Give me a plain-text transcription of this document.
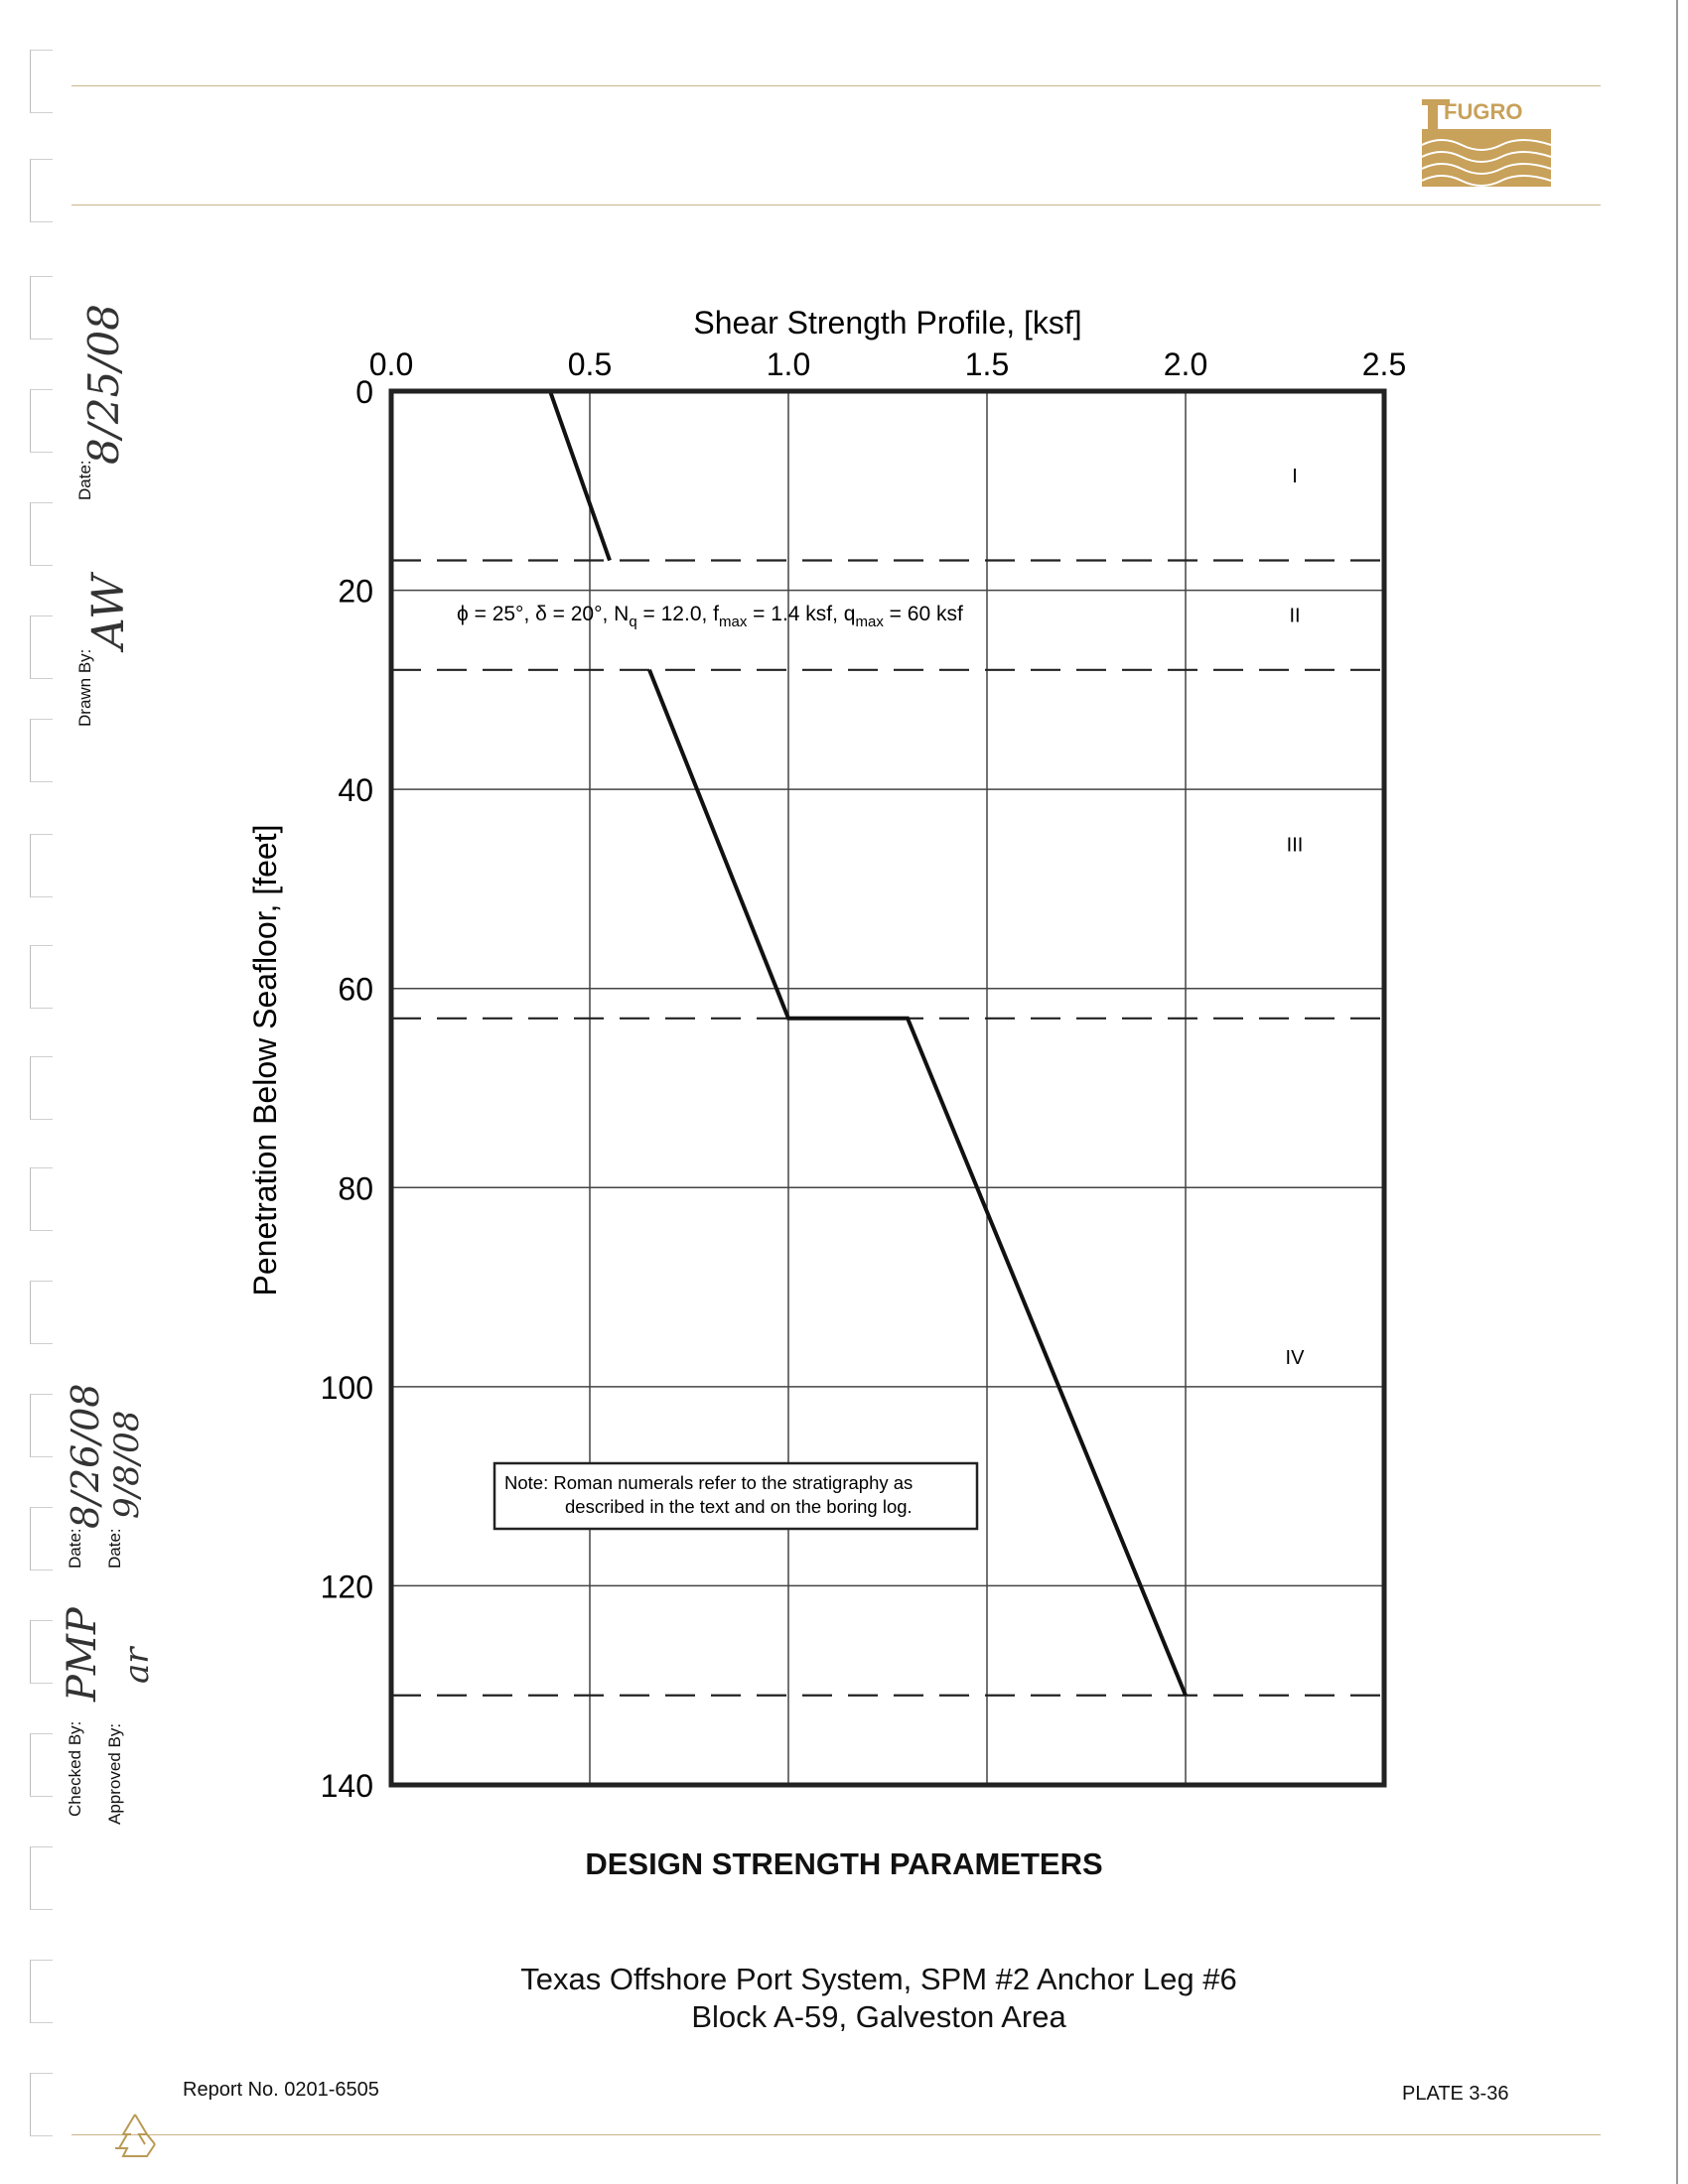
FUGRO
Drawn By:
AW
Date:
8/25/08
Checked By:
PMP
Date:
8/26/08
Approved By:
ar
Date:
9/8/08
0.0	0.5	1.0	1.5	2.0	2.5
0
20
40
60
80
100
120
140
I
II
III
IV
Shear Strength Profile, [ksf]
Penetration Below Seafloor, [feet]
ϕ = 25°, δ = 20°, $N_q = 12.0$, $f_{max} = 1.4$ ksf, $q_{max} = 60$ ksf
Note: Roman numerals refer to the stratigraphy as
described in the text and on the boring log.
DESIGN STRENGTH PARAMETERS
Texas Offshore Port System, SPM #2 Anchor Leg #6
Block A-59, Galveston Area
Report No. 0201-6505	PLATE 3-36
